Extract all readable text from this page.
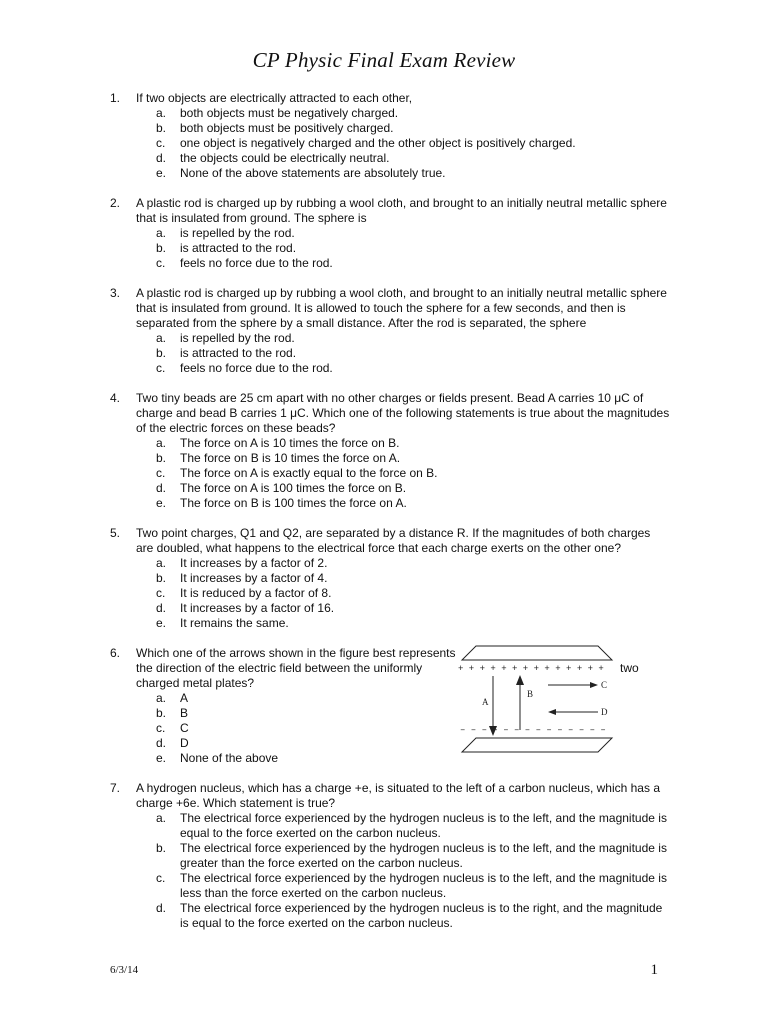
CP Physic Final Exam Review
1. If two objects are electrically attracted to each other,
a. both objects must be negatively charged.
b. both objects must be positively charged.
c. one object is negatively charged and the other object is positively charged.
d. the objects could be electrically neutral.
e. None of the above statements are absolutely true.
2. A plastic rod is charged up by rubbing a wool cloth, and brought to an initially neutral metallic sphere that is insulated from ground. The sphere is
a. is repelled by the rod.
b. is attracted to the rod.
c. feels no force due to the rod.
3. A plastic rod is charged up by rubbing a wool cloth, and brought to an initially neutral metallic sphere that is insulated from ground. It is allowed to touch the sphere for a few seconds, and then is separated from the sphere by a small distance. After the rod is separated, the sphere
a. is repelled by the rod.
b. is attracted to the rod.
c. feels no force due to the rod.
4. Two tiny beads are 25 cm apart with no other charges or fields present. Bead A carries 10 μC of charge and bead B carries 1 μC. Which one of the following statements is true about the magnitudes of the electric forces on these beads?
a. The force on A is 10 times the force on B.
b. The force on B is 10 times the force on A.
c. The force on A is exactly equal to the force on B.
d. The force on A is 100 times the force on B.
e. The force on B is 100 times the force on A.
5. Two point charges, Q1 and Q2, are separated by a distance R. If the magnitudes of both charges are doubled, what happens to the electrical force that each charge exerts on the other one?
a. It increases by a factor of 2.
b. It increases by a factor of 4.
c. It is reduced by a factor of 8.
d. It increases by a factor of 16.
e. It remains the same.
6. Which one of the arrows shown in the figure best represents the direction of the electric field between the uniformly charged metal plates?
two
a. A
b. B
c. C
d. D
e. None of the above
+ + + + + + + + + + + + + +
A
B
C
D
– – – – – – – – – – – – – –
7. A hydrogen nucleus, which has a charge +e, is situated to the left of a carbon nucleus, which has a charge +6e. Which statement is true?
a. The electrical force experienced by the hydrogen nucleus is to the left, and the magnitude is equal to the force exerted on the carbon nucleus.
b. The electrical force experienced by the hydrogen nucleus is to the left, and the magnitude is greater than the force exerted on the carbon nucleus.
c. The electrical force experienced by the hydrogen nucleus is to the left, and the magnitude is less than the force exerted on the carbon nucleus.
d. The electrical force experienced by the hydrogen nucleus is to the right, and the magnitude is equal to the force exerted on the carbon nucleus.
6/3/14	1
